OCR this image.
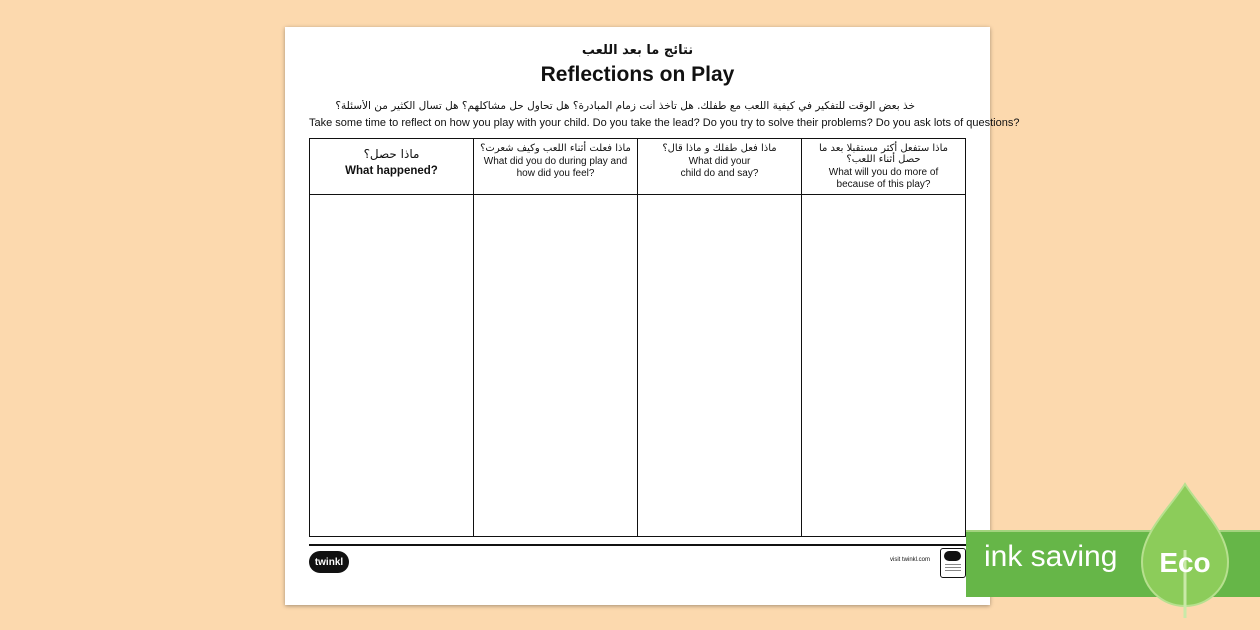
نتائج ما بعد اللعب
Reflections on Play
خذ بعض الوقت للتفكير في كيفية اللعب مع طفلك. هل تأخذ أنت زمام المبادرة؟ هل تحاول حل مشاكلهم؟ هل تسأل الكثير من الأسئلة؟
Take some time to reflect on how you play with your child. Do you take the lead? Do you try to solve their problems? Do you ask lots of questions?
ماذا حصل؟
What happened?
ماذا فعلت أثناء اللعب وكيف شعرت؟
What did you do during play and
how did you feel?
ماذا فعل طفلك و ماذا قال؟
What did your
child do and say?
ماذا ستفعل أكثر مستقبلا بعد ما حصل أثناء اللعب؟
What will you do more of
because of this play?
twinkl	visit twinkl.com ink saving Eco
